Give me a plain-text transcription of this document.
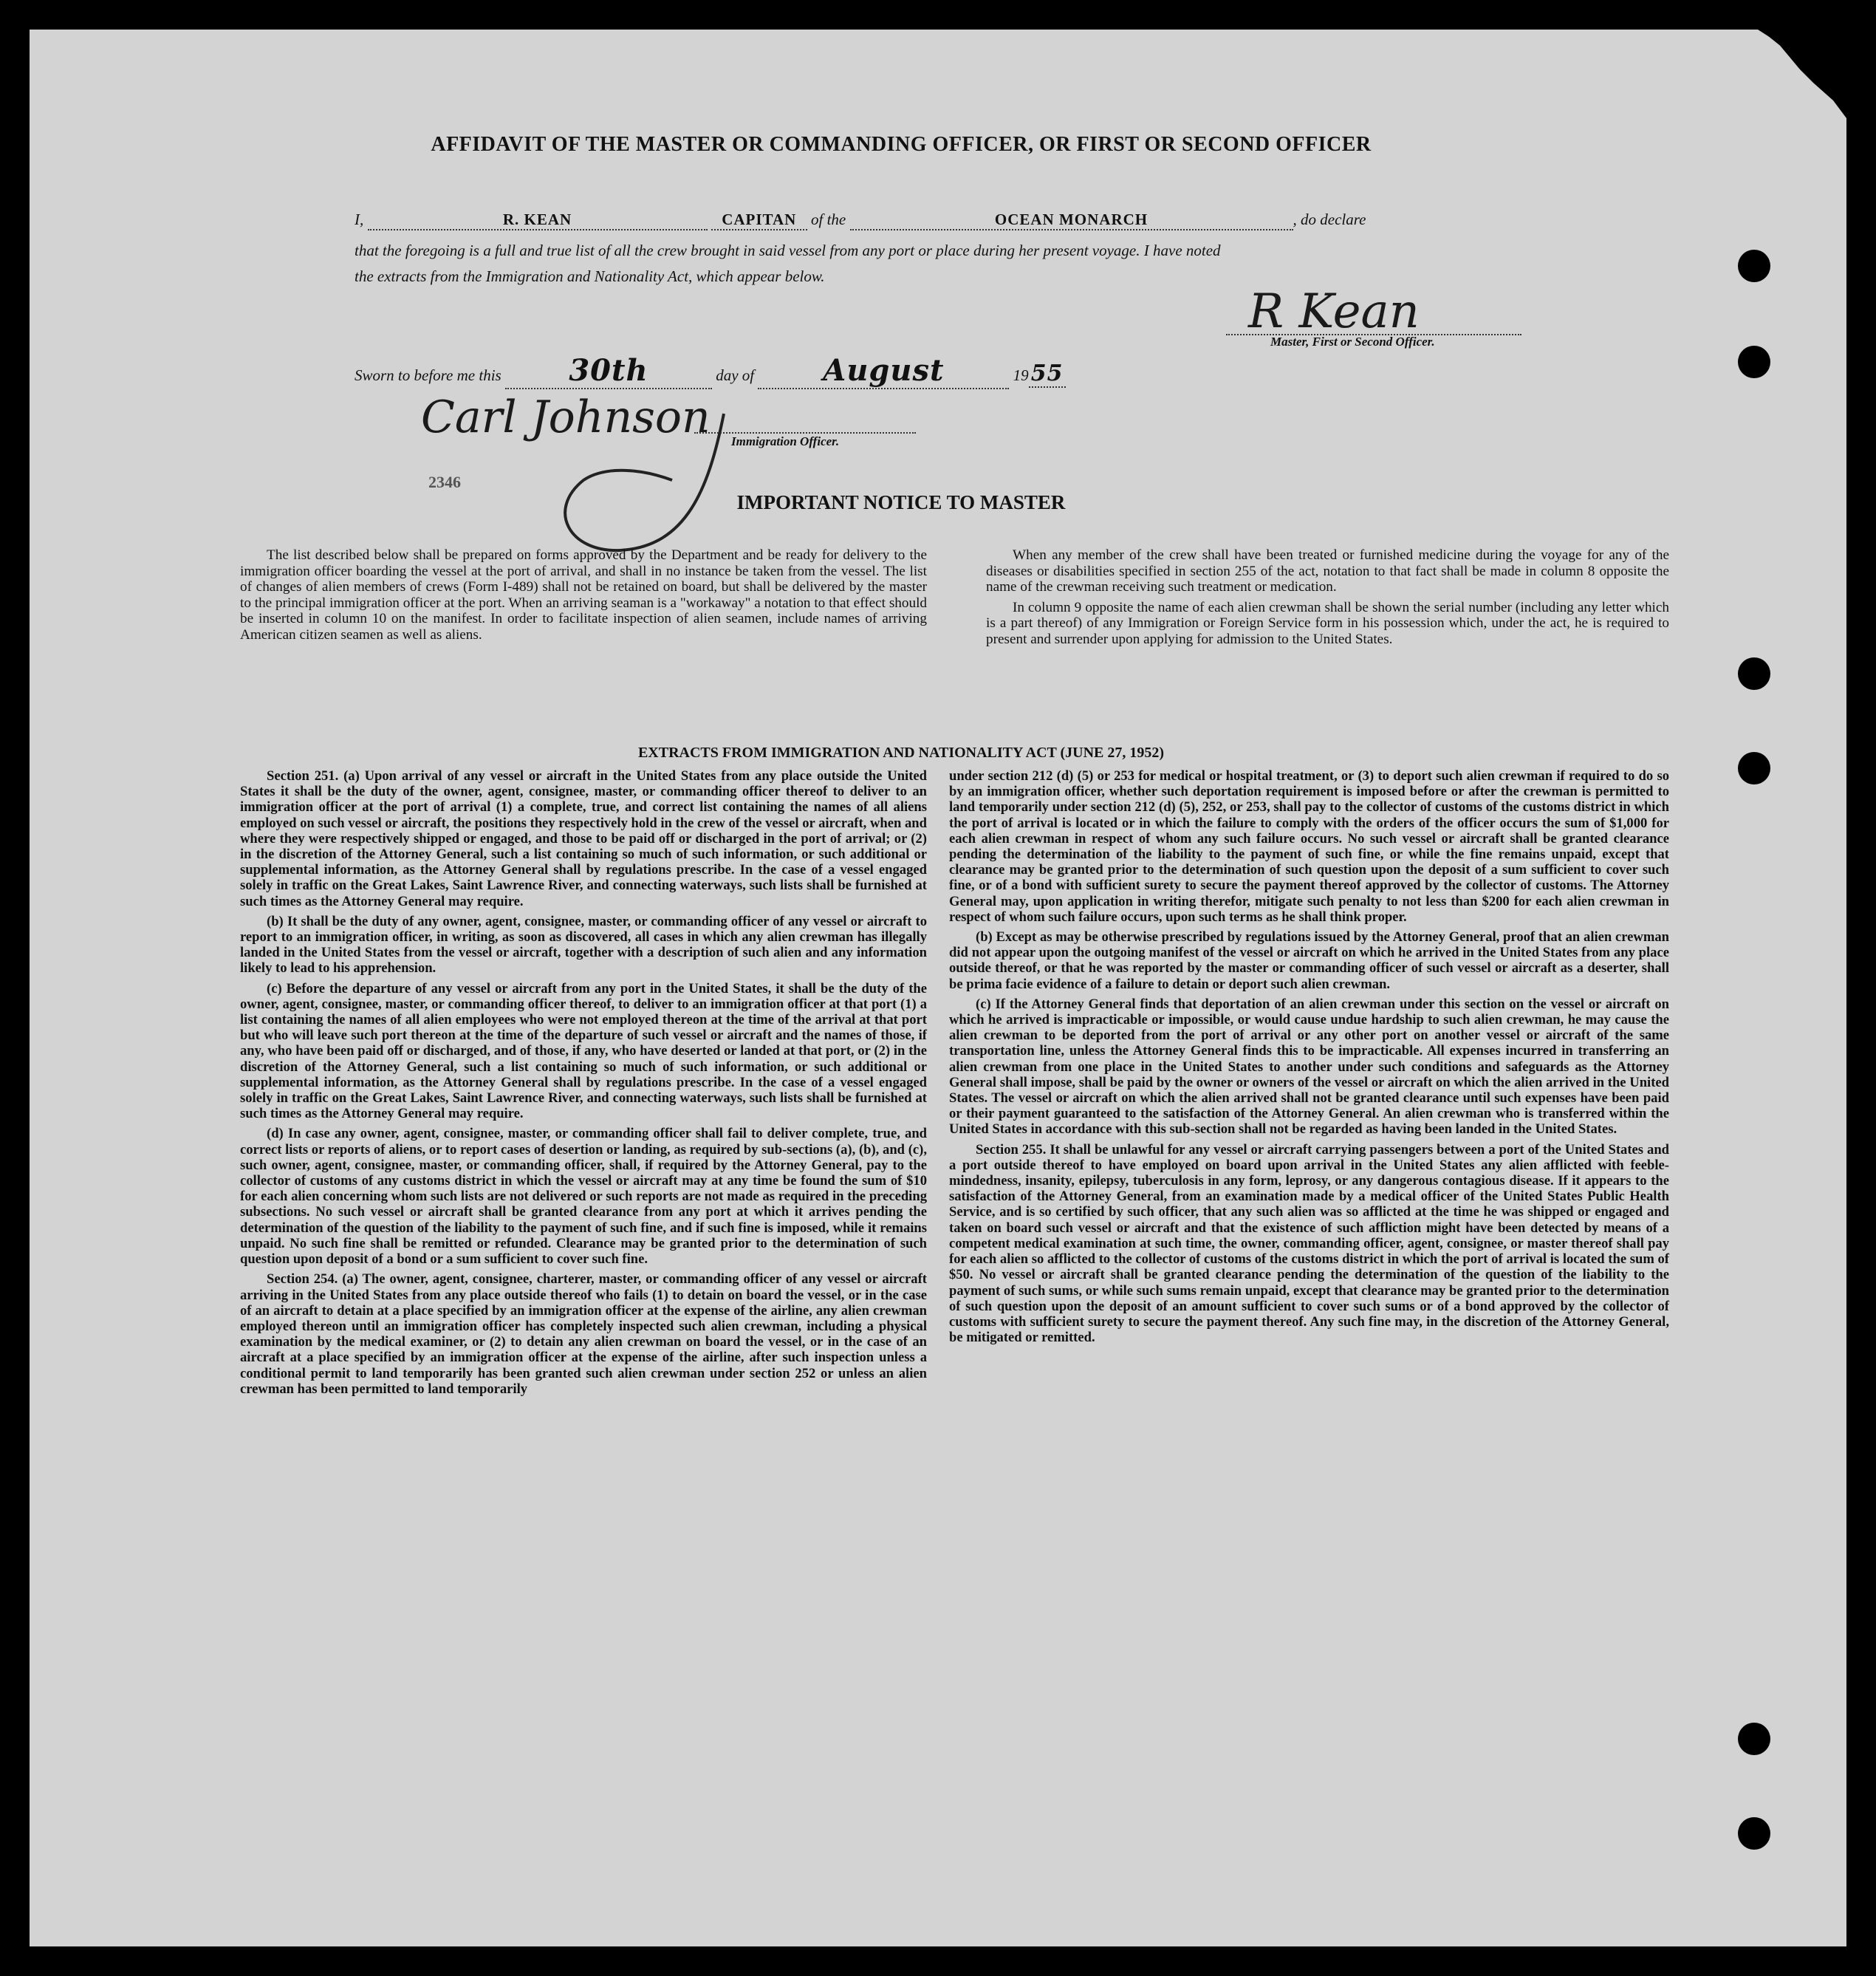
AFFIDAVIT OF THE MASTER OR COMMANDING OFFICER, OR FIRST OR SECOND OFFICER
I,	R. KEAN	CAPITAN of the	OCEAN MONARCH	, do declare
that the foregoing is a full and true list of all the crew brought in said vessel from any port or place during her present voyage. I have noted
the extracts from the Immigration and Nationality Act, which appear below.
R Kean
Master, First or Second Officer.
Sworn to before me this 30th	day of August	19 55
Carl Johnson Immigration Officer.
2346
IMPORTANT NOTICE TO MASTER

The list described below shall be prepared on forms approved by the Department and be ready for delivery to the immigration officer boarding the vessel at the port of arrival, and shall in no instance be taken from the vessel. The list of changes of alien members of crews (Form I-489) shall not be retained on board, but shall be delivered by the master to the principal immigration officer at the port. When an arriving seaman is a "workaway" a notation to that effect should be inserted in column 10 on the manifest. In order to facilitate inspection of alien seamen, include names of arriving American citizen seamen as well as aliens.

When any member of the crew shall have been treated or furnished medicine during the voyage for any of the diseases or disabilities specified in section 255 of the act, notation to that fact shall be made in column 8 opposite the name of the crewman receiving such treatment or medication.

In column 9 opposite the name of each alien crewman shall be shown the serial number (including any letter which is a part thereof) of any Immigration or Foreign Service form in his possession which, under the act, he is required to present and surrender upon applying for admission to the United States.

EXTRACTS FROM IMMIGRATION AND NATIONALITY ACT (JUNE 27, 1952)

Section 251. (a) Upon arrival of any vessel or aircraft in the United States from any place outside the United States it shall be the duty of the owner, agent, consignee, master, or commanding officer thereof to deliver to an immigration officer at the port of arrival (1) a complete, true, and correct list containing the names of all aliens employed on such vessel or aircraft, the positions they respectively hold in the crew of the vessel or aircraft, when and where they were respectively shipped or engaged, and those to be paid off or discharged in the port of arrival; or (2) in the discretion of the Attorney General, such a list containing so much of such information, or such additional or supplemental information, as the Attorney General shall by regulations prescribe. In the case of a vessel engaged solely in traffic on the Great Lakes, Saint Lawrence River, and connecting waterways, such lists shall be furnished at such times as the Attorney General may require.

(b) It shall be the duty of any owner, agent, consignee, master, or commanding officer of any vessel or aircraft to report to an immigration officer, in writing, as soon as discovered, all cases in which any alien crewman has illegally landed in the United States from the vessel or aircraft, together with a description of such alien and any information likely to lead to his apprehension.

(c) Before the departure of any vessel or aircraft from any port in the United States, it shall be the duty of the owner, agent, consignee, master, or commanding officer thereof, to deliver to an immigration officer at that port (1) a list containing the names of all alien employees who were not employed thereon at the time of the arrival at that port but who will leave such port thereon at the time of the departure of such vessel or aircraft and the names of those, if any, who have been paid off or discharged, and of those, if any, who have deserted or landed at that port, or (2) in the discretion of the Attorney General, such a list containing so much of such information, or such additional or supplemental information, as the Attorney General shall by regulations prescribe. In the case of a vessel engaged solely in traffic on the Great Lakes, Saint Lawrence River, and connecting waterways, such lists shall be furnished at such times as the Attorney General may require.

(d) In case any owner, agent, consignee, master, or commanding officer shall fail to deliver complete, true, and correct lists or reports of aliens, or to report cases of desertion or landing, as required by sub-sections (a), (b), and (c), such owner, agent, consignee, master, or commanding officer, shall, if required by the Attorney General, pay to the collector of customs of any customs district in which the vessel or aircraft may at any time be found the sum of $10 for each alien concerning whom such lists are not delivered or such reports are not made as required in the preceding subsections. No such vessel or aircraft shall be granted clearance from any port at which it arrives pending the determination of the question of the liability to the payment of such fine, and if such fine is imposed, while it remains unpaid. No such fine shall be remitted or refunded. Clearance may be granted prior to the determination of such question upon deposit of a bond or a sum sufficient to cover such fine.

Section 254. (a) The owner, agent, consignee, charterer, master, or commanding officer of any vessel or aircraft arriving in the United States from any place outside thereof who fails (1) to detain on board the vessel, or in the case of an aircraft to detain at a place specified by an immigration officer at the expense of the airline, any alien crewman employed thereon until an immigration officer has completely inspected such alien crewman, including a physical examination by the medical examiner, or (2) to detain any alien crewman on board the vessel, or in the case of an aircraft at a place specified by an immigration officer at the expense of the airline, after such inspection unless a conditional permit to land temporarily has been granted such alien crewman under section 252 or unless an alien crewman has been permitted to land temporarily

under section 212 (d) (5) or 253 for medical or hospital treatment, or (3) to deport such alien crewman if required to do so by an immigration officer, whether such deportation requirement is imposed before or after the crewman is permitted to land temporarily under section 212 (d) (5), 252, or 253, shall pay to the collector of customs of the customs district in which the port of arrival is located or in which the failure to comply with the orders of the officer occurs the sum of $1,000 for each alien crewman in respect of whom any such failure occurs. No such vessel or aircraft shall be granted clearance pending the determination of the liability to the payment of such fine, or while the fine remains unpaid, except that clearance may be granted prior to the determination of such question upon the deposit of a sum sufficient to cover such fine, or of a bond with sufficient surety to secure the payment thereof approved by the collector of customs. The Attorney General may, upon application in writing therefor, mitigate such penalty to not less than $200 for each alien crewman in respect of whom such failure occurs, upon such terms as he shall think proper.

(b) Except as may be otherwise prescribed by regulations issued by the Attorney General, proof that an alien crewman did not appear upon the outgoing manifest of the vessel or aircraft on which he arrived in the United States from any place outside thereof, or that he was reported by the master or commanding officer of such vessel or aircraft as a deserter, shall be prima facie evidence of a failure to detain or deport such alien crewman.

(c) If the Attorney General finds that deportation of an alien crewman under this section on the vessel or aircraft on which he arrived is impracticable or impossible, or would cause undue hardship to such alien crewman, he may cause the alien crewman to be deported from the port of arrival or any other port on another vessel or aircraft of the same transportation line, unless the Attorney General finds this to be impracticable. All expenses incurred in transferring an alien crewman from one place in the United States to another under such conditions and safeguards as the Attorney General shall impose, shall be paid by the owner or owners of the vessel or aircraft on which the alien arrived in the United States. The vessel or aircraft on which the alien arrived shall not be granted clearance until such expenses have been paid or their payment guaranteed to the satisfaction of the Attorney General. An alien crewman who is transferred within the United States in accordance with this sub-section shall not be regarded as having been landed in the United States.

Section 255. It shall be unlawful for any vessel or aircraft carrying passengers between a port of the United States and a port outside thereof to have employed on board upon arrival in the United States any alien afflicted with feeble-mindedness, insanity, epilepsy, tuberculosis in any form, leprosy, or any dangerous contagious disease. If it appears to the satisfaction of the Attorney General, from an examination made by a medical officer of the United States Public Health Service, and is so certified by such officer, that any such alien was so afflicted at the time he was shipped or engaged and taken on board such vessel or aircraft and that the existence of such affliction might have been detected by means of a competent medical examination at such time, the owner, commanding officer, agent, consignee, or master thereof shall pay for each alien so afflicted to the collector of customs of the customs district in which the port of arrival is located the sum of $50. No vessel or aircraft shall be granted clearance pending the determination of the question of the liability to the payment of such sums, or while such sums remain unpaid, except that clearance may be granted prior to the determination of such question upon the deposit of an amount sufficient to cover such sums or of a bond approved by the collector of customs with sufficient surety to secure the payment thereof. Any such fine may, in the discretion of the Attorney General, be mitigated or remitted.
